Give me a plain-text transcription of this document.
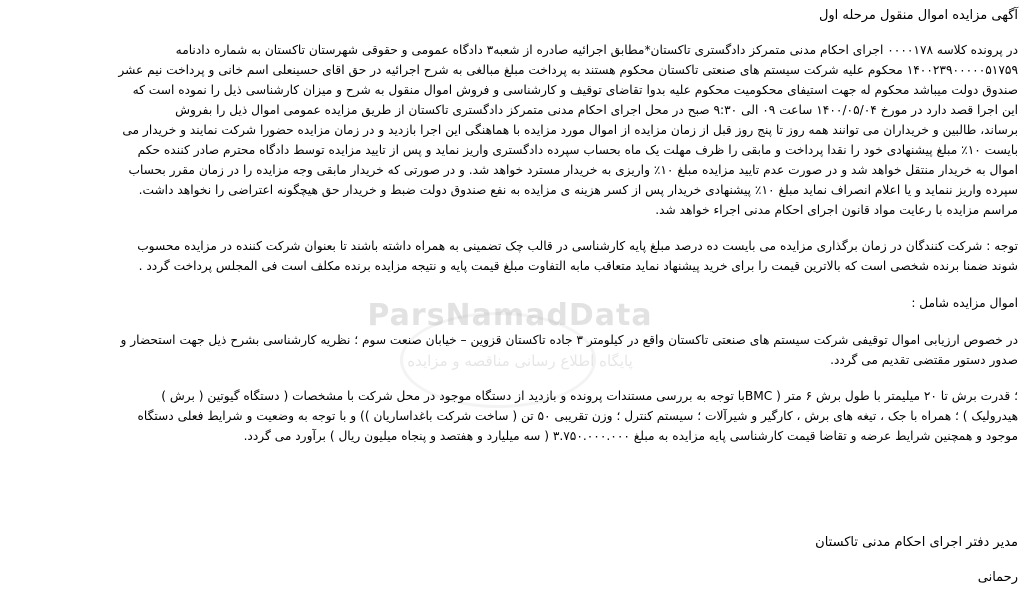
ParsNamadData
پایگاه اطلاع رسانی مناقصه و مزایده

آگهی مزایده اموال منقول مرحله اول

در پرونده کلاسه ۰۰۰۰۱۷۸ اجرای احکام مدنی متمرکز دادگستری تاکستان*مطابق اجرائیه صادره از شعبه۳ دادگاه عمومی و حقوقی شهرستان تاکستان به شماره دادنامه

۱۴۰۰۲۳۹۰۰۰۰۰۵۱۷۵۹ محکوم علیه شرکت سیستم های صنعتی تاکستان محکوم هستند به پرداخت مبلغ مبالغی به شرح اجرائیه در حق اقای حسینعلی اسم خانی و پرداخت نیم عشر

صندوق دولت میباشد محکوم له جهت استیفای محکومیت محکوم علیه بدوا تقاضای توقیف و کارشناسی و فروش اموال منقول به شرح و میزان کارشناسی ذیل را نموده است که

این اجرا قصد دارد در مورخ ۱۴۰۰/۰۵/۰۴ ساعت ۰۹ الی ۹:۳۰ صبح در محل اجرای احکام مدنی متمرکز دادگستری تاکستان از طریق مزایده عمومی اموال ذیل را بفروش

برساند، طالبین و خریداران می توانند همه روز تا پنج روز قبل از زمان مزایده از اموال مورد مزایده با هماهنگی این اجرا بازدید و در زمان مزایده حضورا شرکت نمایند و خریدار می

بایست ۱۰٪ مبلغ پیشنهادی خود را نقدا پرداخت و مابقی را ظرف مهلت یک ماه بحساب سپرده دادگستری واریز نماید و پس از تایید مزایده توسط دادگاه محترم صادر کننده حکم

اموال به خریدار منتقل خواهد شد و در صورت عدم تایید مزایده مبلغ ۱۰٪ واریزی به خریدار مسترد خواهد شد. و در صورتی که خریدار مابقی وجه مزایده را در زمان مقرر بحساب

سپرده واریز ننماید و یا اعلام انصراف نماید مبلغ ۱۰٪ پیشنهادی خریدار پس از کسر هزینه ی مزایده به نفع صندوق دولت ضبط و خریدار حق هیچگونه اعتراضی را نخواهد داشت.

مراسم مزایده با رعایت مواد قانون اجرای احکام مدنی اجراء خواهد شد.

توجه : شرکت کنندگان در زمان برگذاری مزایده می بایست ده درصد مبلغ پایه کارشناسی در قالب چک تضمینی به همراه داشته باشند تا بعنوان شرکت کننده در مزایده محسوب

شوند ضمنا برنده شخصی است که بالاترین قیمت را برای خرید پیشنهاد نماید متعاقب مابه التفاوت مبلغ قیمت پایه و نتیجه مزایده برنده مکلف است فی المجلس پرداخت گردد .

اموال مزایده شامل :

در خصوص ارزیابی اموال توقیفی شرکت سیستم های صنعتی تاکستان واقع در کیلومتر ۳ جاده تاکستان قزوین – خیابان صنعت سوم ؛ نظریه کارشناسی بشرح ذیل جهت استحضار و

صدور دستور مقتضی تقدیم می گردد.

؛ قدرت برش تا ۲۰ میلیمتر با طول برش ۶ متر ( BMCبا توجه به بررسی مستندات پرونده و بازدید از دستگاه موجود در محل شرکت با مشخصات ( دستگاه گیوتین ( برش )

هیدرولیک ) ؛ همراه با جک ، تیغه های برش ، کارگیر و شیرآلات ؛ سیستم کنترل ؛ وزن تقریبی ۵۰ تن ( ساخت شرکت باغداساریان )) و با توجه به وضعیت و شرایط فعلی دستگاه

موجود و همچنین شرایط عرضه و تقاضا قیمت کارشناسی پایه مزایده به مبلغ ۳.۷۵۰.۰۰۰.۰۰۰ ( سه میلیارد و هفتصد و پنجاه میلیون ریال ) برآورد می گردد.

مدیر دفتر اجرای احکام مدنی تاکستان

رحمانی
